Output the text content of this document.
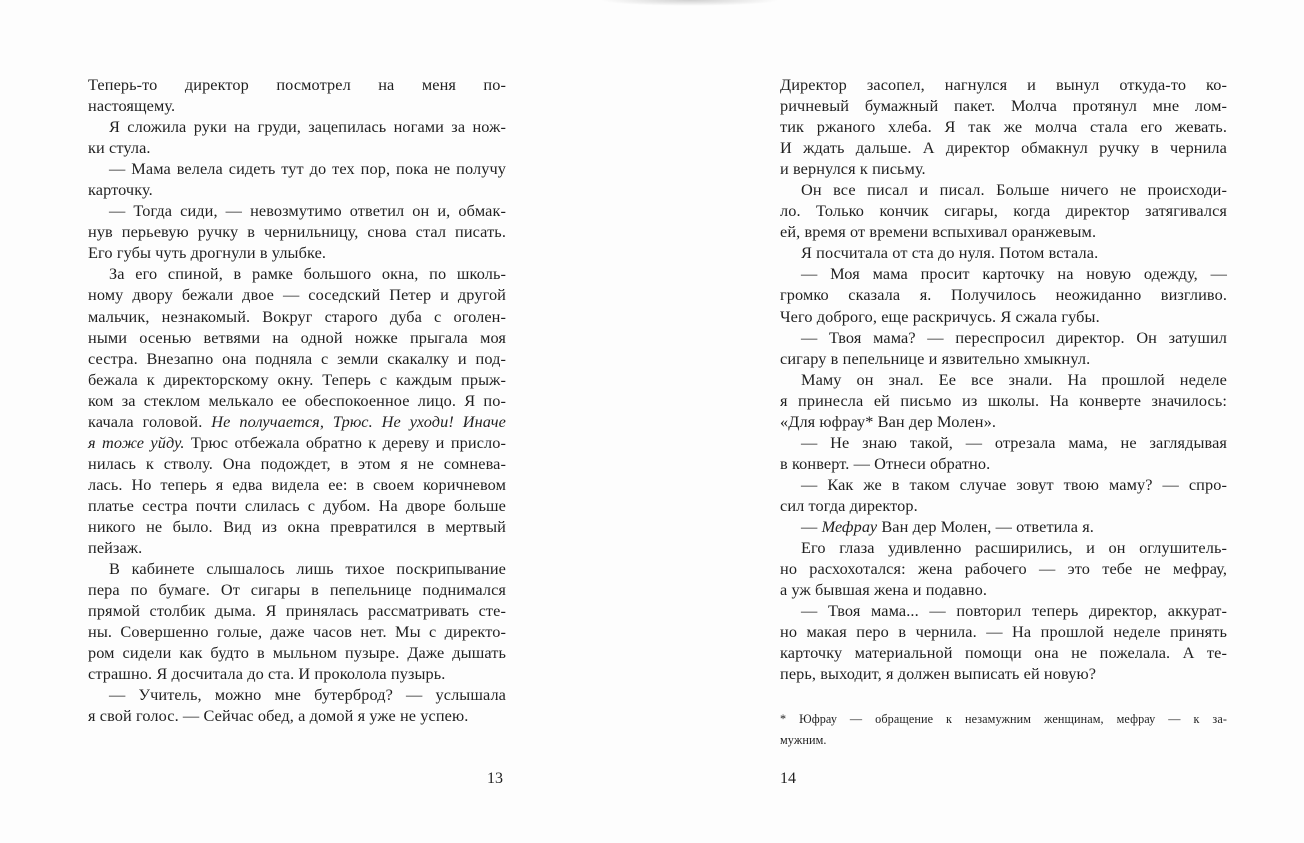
Теперь-то директор посмотрел на меня по-
настоящему.
Я сложила руки на груди, зацепилась ногами за нож-
ки стула.
— Мама велела сидеть тут до тех пор, пока не получу
карточку.
— Тогда сиди, — невозмутимо ответил он и, обмак-
нув перьевую ручку в чернильницу, снова стал писать.
Его губы чуть дрогнули в улыбке.
За его спиной, в рамке большого окна, по школь-
ному двору бежали двое — соседский Петер и другой
мальчик, незнакомый. Вокруг старого дуба с оголен-
ными осенью ветвями на одной ножке прыгала моя
сестра. Внезапно она подняла с земли скакалку и под-
бежала к директорскому окну. Теперь с каждым прыж-
ком за стеклом мелькало ее обеспокоенное лицо. Я по-
качала головой. Не получается, Трюс. Не уходи! Иначе
я тоже уйду. Трюс отбежала обратно к дереву и присло-
нилась к стволу. Она подождет, в этом я не сомнева-
лась. Но теперь я едва видела ее: в своем коричневом
платье сестра почти слилась с дубом. На дворе больше
никого не было. Вид из окна превратился в мертвый
пейзаж.
В кабинете слышалось лишь тихое поскрипывание
пера по бумаге. От сигары в пепельнице поднимался
прямой столбик дыма. Я принялась рассматривать сте-
ны. Совершенно голые, даже часов нет. Мы с директо-
ром сидели как будто в мыльном пузыре. Даже дышать
страшно. Я досчитала до ста. И проколола пузырь.
— Учитель, можно мне бутерброд? — услышала
я свой голос. — Сейчас обед, а домой я уже не успею.
Директор засопел, нагнулся и вынул откуда-то ко-
ричневый бумажный пакет. Молча протянул мне лом-
тик ржаного хлеба. Я так же молча стала его жевать.
И ждать дальше. А директор обмакнул ручку в чернила
и вернулся к письму.
Он все писал и писал. Больше ничего не происходи-
ло. Только кончик сигары, когда директор затягивался
ей, время от времени вспыхивал оранжевым.
Я посчитала от ста до нуля. Потом встала.
— Моя мама просит карточку на новую одежду, —
громко сказала я. Получилось неожиданно визгливо.
Чего доброго, еще раскричусь. Я сжала губы.
— Твоя мама? — переспросил директор. Он затушил
сигару в пепельнице и язвительно хмыкнул.
Маму он знал. Ее все знали. На прошлой неделе
я принесла ей письмо из школы. На конверте значилось:
«Для юфрау* Ван дер Молен».
— Не знаю такой, — отрезала мама, не заглядывая
в конверт. — Отнеси обратно.
— Как же в таком случае зовут твою маму? — спро-
сил тогда директор.
— Мефрау Ван дер Молен, — ответила я.
Его глаза удивленно расширились, и он оглушитель-
но расхохотался: жена рабочего — это тебе не мефрау,
а уж бывшая жена и подавно.
— Твоя мама... — повторил теперь директор, аккурат-
но макая перо в чернила. — На прошлой неделе принять
карточку материальной помощи она не пожелала. А те-
перь, выходит, я должен выписать ей новую?
* Юфрау — обращение к незамужним женщинам, мефрау — к за-
мужним.
13	14
